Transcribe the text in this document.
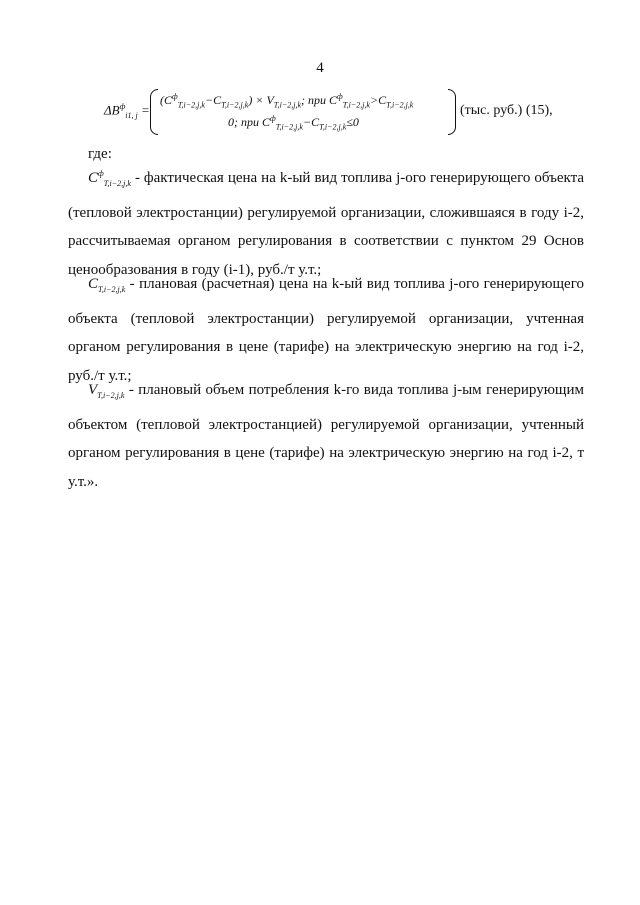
4
$\Delta B^ф_{i1, j}$ =
$(C^ф_{T,i-2,j,k}-C_{T,i-2,j,k}) \times V_{T,i-2,j,k}$; при $C^ф_{T,i-2,j,k}>C_{T,i-2,j,k}$
0; при $C^ф_{T,i-2,j,k}-C_{T,i-2,j,k}\le 0$
(тыс. руб.) (15),
где:
$C^ф_{T,i-2,j,k}$ - фактическая цена на k-ый вид топлива j-ого генерирующего объекта (тепловой электростанции) регулируемой организации, сложившаяся в году i-2, рассчитываемая органом регулирования в соответствии с пунктом 29 Основ ценообразования в году (i-1), руб./т у.т.;
$C_{T,i-2,j,k}$ - плановая (расчетная) цена на k-ый вид топлива j-ого генерирующего объекта (тепловой электростанции) регулируемой организации, учтенная органом регулирования в цене (тарифе) на электрическую энергию на год i-2, руб./т у.т.;
$V_{T,i-2,j,k}$ - плановый объем потребления k-го вида топлива j-ым генерирующим объектом (тепловой электростанцией) регулируемой организации, учтенный органом регулирования в цене (тарифе) на электрическую энергию на год i-2, т у.т.».
